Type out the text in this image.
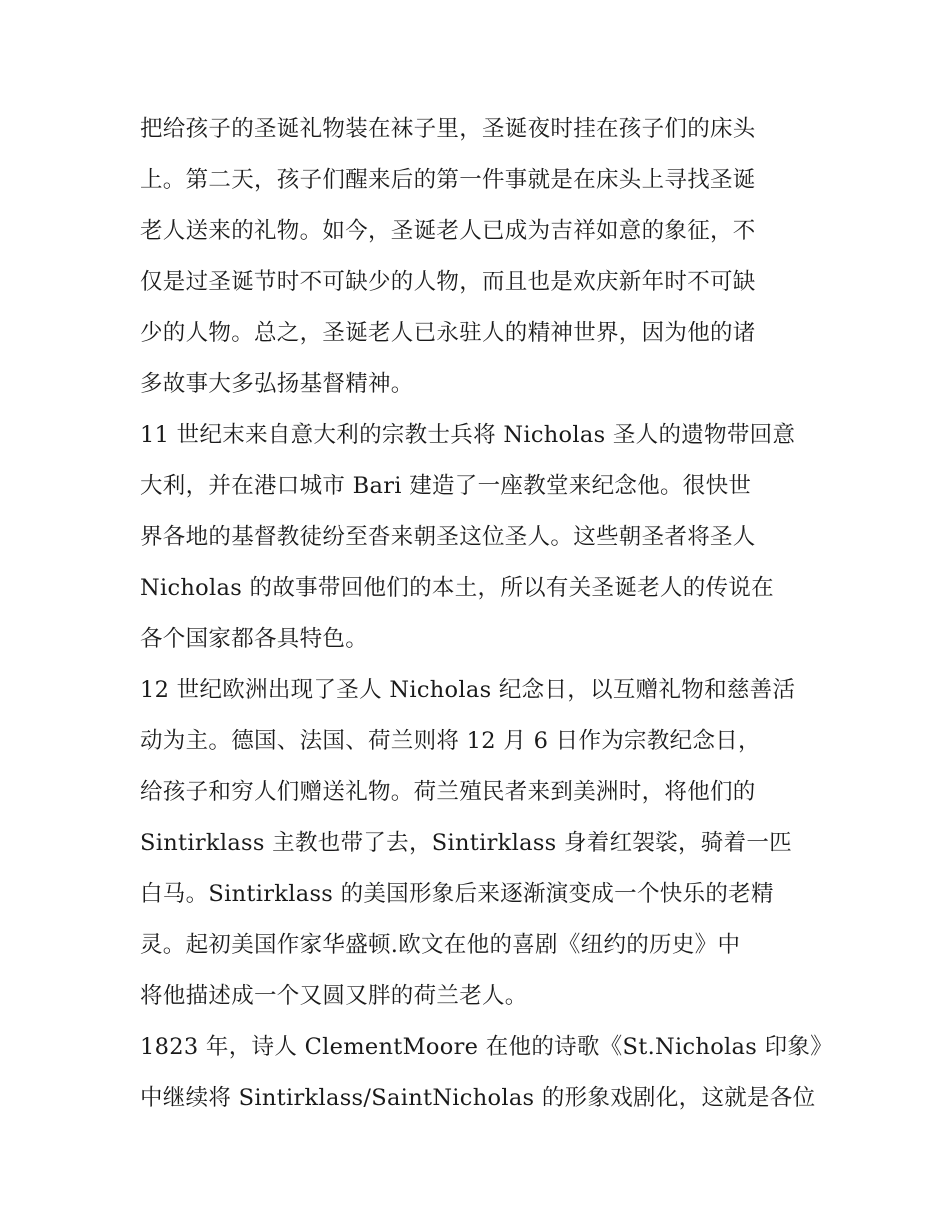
把给孩子的圣诞礼物装在袜子里，圣诞夜时挂在孩子们的床头
上。第二天，孩子们醒来后的第一件事就是在床头上寻找圣诞
老人送来的礼物。如今，圣诞老人已成为吉祥如意的象征，不
仅是过圣诞节时不可缺少的人物，而且也是欢庆新年时不可缺
少的人物。总之，圣诞老人已永驻人的精神世界，因为他的诸
多故事大多弘扬基督精神。
11 世纪末来自意大利的宗教士兵将 Nicholas 圣人的遗物带回意
大利，并在港口城市 Bari 建造了一座教堂来纪念他。很快世
界各地的基督教徒纷至沓来朝圣这位圣人。这些朝圣者将圣人
Nicholas 的故事带回他们的本土，所以有关圣诞老人的传说在
各个国家都各具特色。
12 世纪欧洲出现了圣人 Nicholas 纪念日，以互赠礼物和慈善活
动为主。德国、法国、荷兰则将 12 月 6 日作为宗教纪念日，
给孩子和穷人们赠送礼物。荷兰殖民者来到美洲时，将他们的
Sintirklass 主教也带了去，Sintirklass 身着红袈裟，骑着一匹
白马。Sintirklass 的美国形象后来逐渐演变成一个快乐的老精
灵。起初美国作家华盛顿.欧文在他的喜剧《纽约的历史》中
将他描述成一个又圆又胖的荷兰老人。
1823 年，诗人 ClementMoore 在他的诗歌《St.Nicholas 印象》
中继续将 Sintirklass/SaintNicholas 的形象戏剧化，这就是各位
